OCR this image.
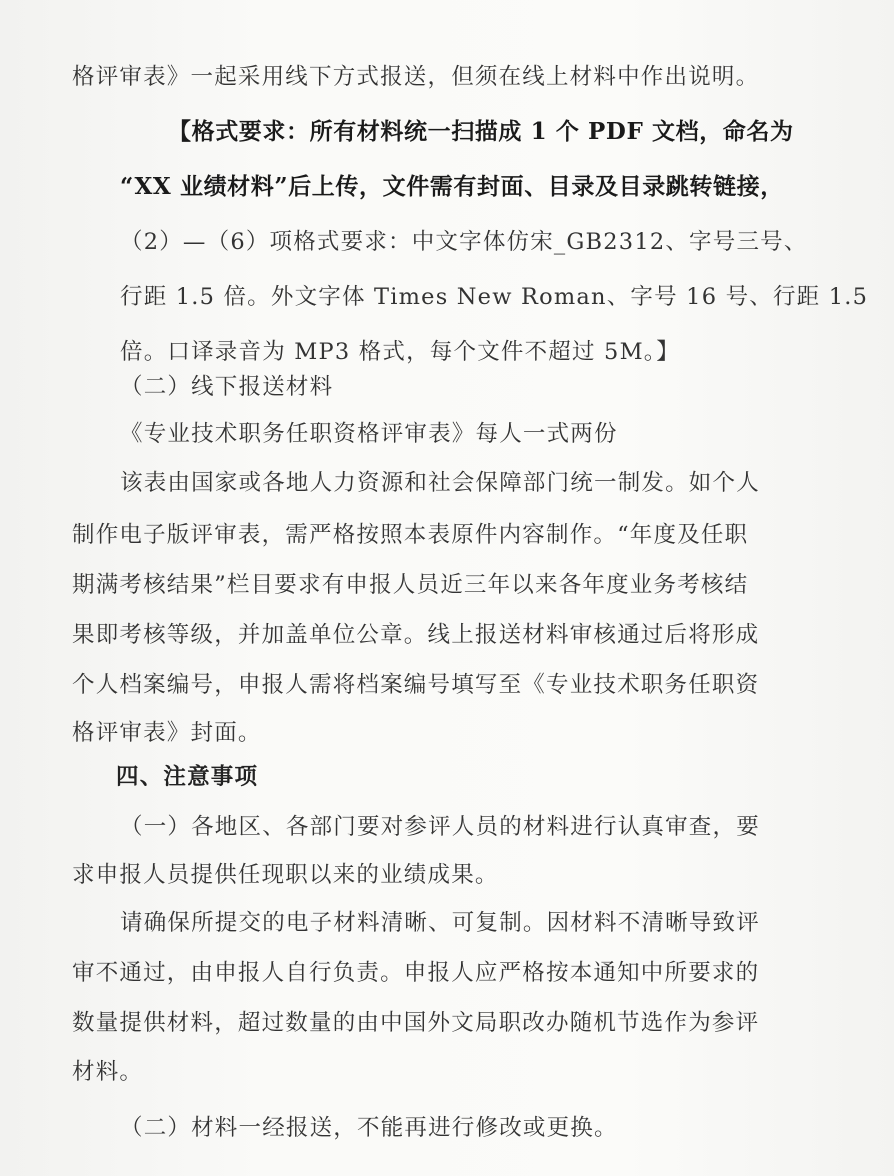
格评审表》一起采用线下方式报送，但须在线上材料中作出说明。
【格式要求：所有材料统一扫描成 1 个 PDF 文档，命名为
“XX 业绩材料”后上传，文件需有封面、目录及目录跳转链接，
（2）—（6）项格式要求：中文字体仿宋_GB2312、字号三号、
行距 1.5 倍。外文字体 Times New Roman、字号 16 号、行距 1.5
倍。口译录音为 MP3 格式，每个文件不超过 5M。】
（二）线下报送材料
《专业技术职务任职资格评审表》每人一式两份
该表由国家或各地人力资源和社会保障部门统一制发。如个人
制作电子版评审表，需严格按照本表原件内容制作。“年度及任职
期满考核结果”栏目要求有申报人员近三年以来各年度业务考核结
果即考核等级，并加盖单位公章。线上报送材料审核通过后将形成
个人档案编号，申报人需将档案编号填写至《专业技术职务任职资
格评审表》封面。
四、注意事项
（一）各地区、各部门要对参评人员的材料进行认真审查，要
求申报人员提供任现职以来的业绩成果。
请确保所提交的电子材料清晰、可复制。因材料不清晰导致评
审不通过，由申报人自行负责。申报人应严格按本通知中所要求的
数量提供材料，超过数量的由中国外文局职改办随机节选作为参评
材料。
（二）材料一经报送，不能再进行修改或更换。
